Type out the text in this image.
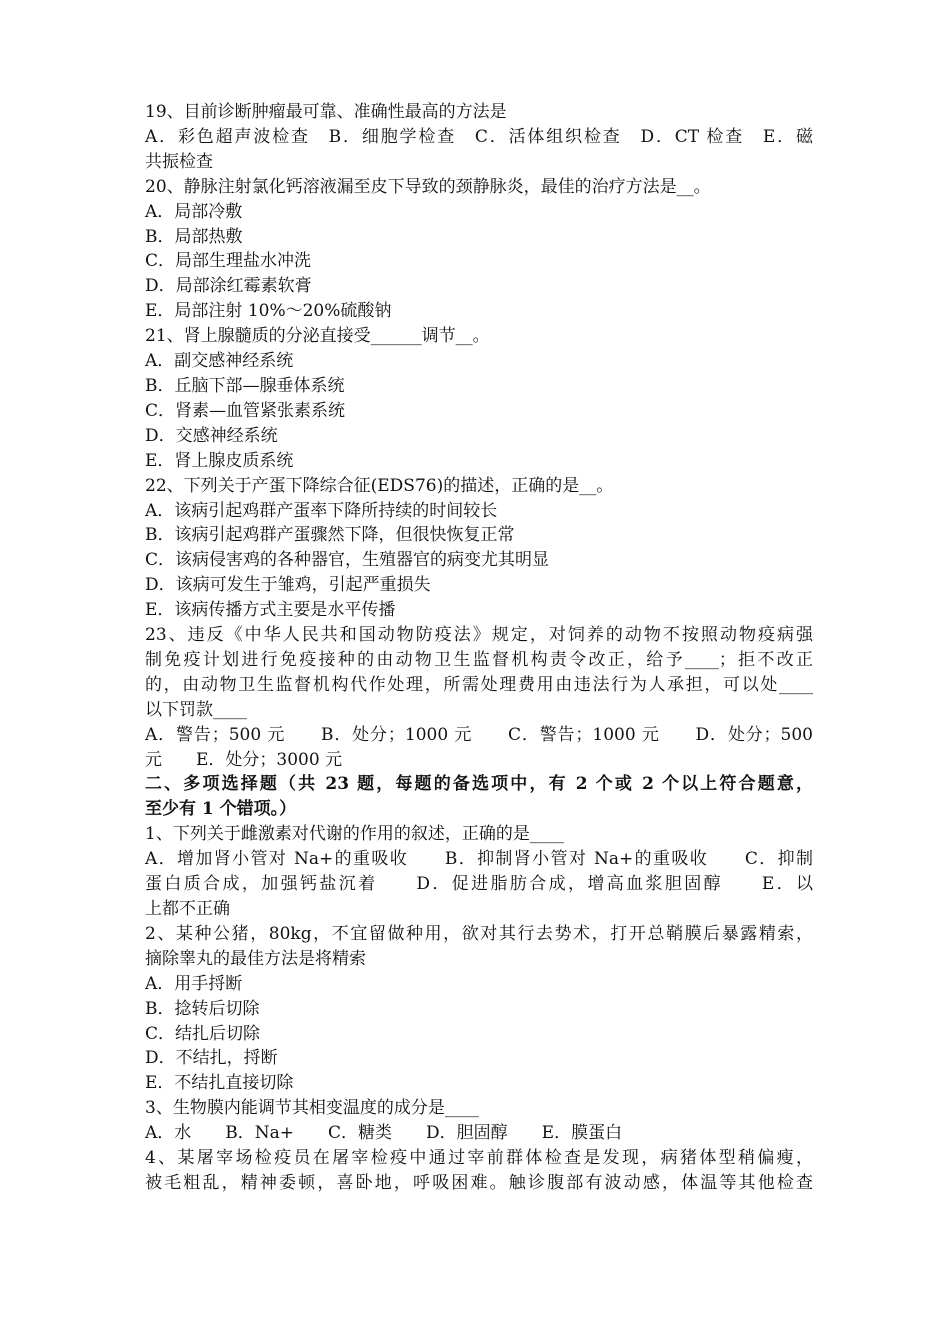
19、目前诊断肿瘤最可靠、准确性最高的方法是
A．彩色超声波检查　B．细胞学检查　C．活体组织检查　D．CT 检查　E．磁
共振检查
20、静脉注射氯化钙溶液漏至皮下导致的颈静脉炎，最佳的治疗方法是__。
A．局部冷敷
B．局部热敷
C．局部生理盐水冲洗
D．局部涂红霉素软膏
E．局部注射 10%～20%硫酸钠
21、肾上腺髓质的分泌直接受______调节__。
A．副交感神经系统
B．丘脑下部—腺垂体系统
C．肾素—血管紧张素系统
D．交感神经系统
E．肾上腺皮质系统
22、下列关于产蛋下降综合征(EDS76)的描述，正确的是__。
A．该病引起鸡群产蛋率下降所持续的时间较长
B．该病引起鸡群产蛋骤然下降，但很快恢复正常
C．该病侵害鸡的各种器官，生殖器官的病变尤其明显
D．该病可发生于雏鸡，引起严重损失
E．该病传播方式主要是水平传播
23、违反《中华人民共和国动物防疫法》规定，对饲养的动物不按照动物疫病强
制免疫计划进行免疫接种的由动物卫生监督机构责令改正，给予____；拒不改正
的，由动物卫生监督机构代作处理，所需处理费用由违法行为人承担，可以处____
以下罚款____
A．警告；500 元　　B．处分；1000 元　　C．警告；1000 元　　D．处分；500
元　　E．处分；3000 元
二、多项选择题（共 23 题，每题的备选项中，有 2 个或 2 个以上符合题意，
至少有 1 个错项。）
1、下列关于雌激素对代谢的作用的叙述，正确的是____
A．增加肾小管对 Na+的重吸收　　B．抑制肾小管对 Na+的重吸收　　C．抑制
蛋白质合成，加强钙盐沉着　　D．促进脂肪合成，增高血浆胆固醇　　E．以
上都不正确
2、某种公猪，80kg，不宜留做种用，欲对其行去势术，打开总鞘膜后暴露精索，
摘除睾丸的最佳方法是将精索
A．用手捋断
B．捻转后切除
C．结扎后切除
D．不结扎，捋断
E．不结扎直接切除
3、生物膜内能调节其相变温度的成分是____
A．水　　B．Na+　　C．糖类　　D．胆固醇　　E．膜蛋白
4、某屠宰场检疫员在屠宰检疫中通过宰前群体检查是发现，病猪体型稍偏瘦，
被毛粗乱，精神委顿，喜卧地，呼吸困难。触诊腹部有波动感，体温等其他检查
